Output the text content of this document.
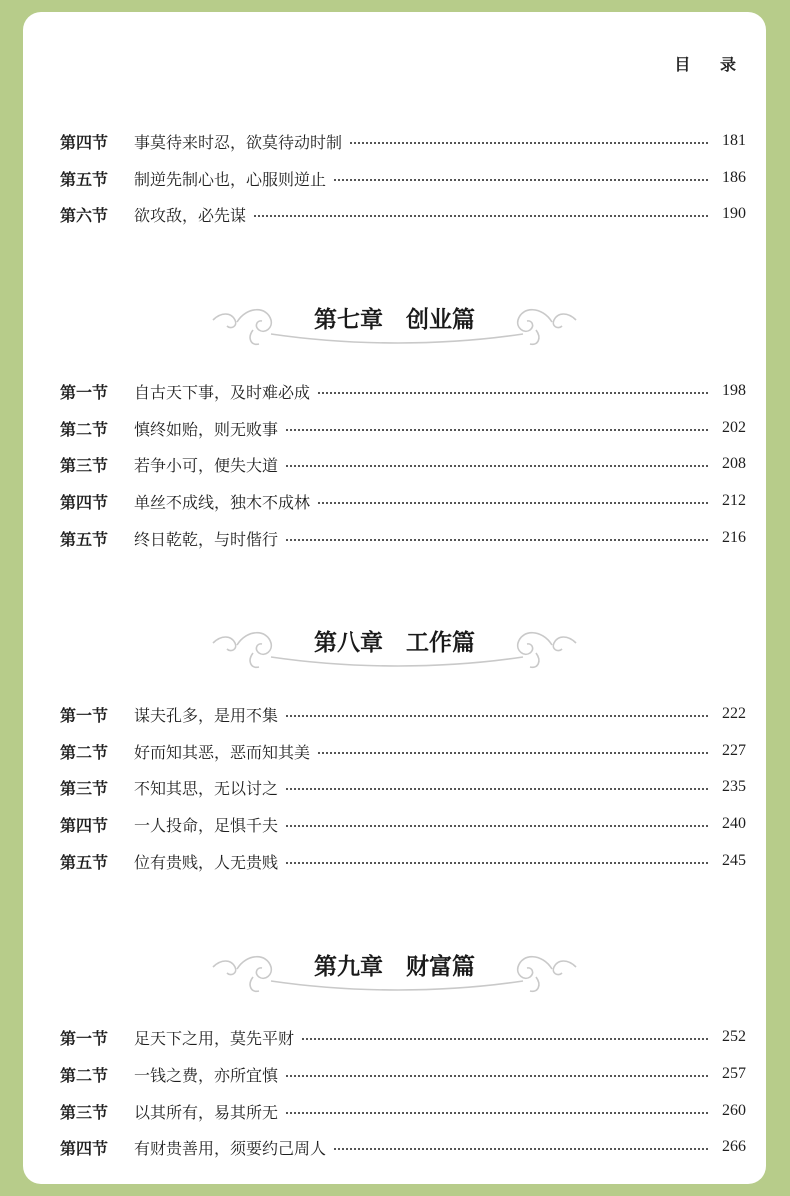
目 录
第四节	事莫待来时忍，欲莫待动时制	181
第五节	制逆先制心也，心服则逆止	186
第六节	欲攻敌，必先谋	190
第七章　创业篇
第一节	自古天下事，及时难必成	198
第二节	慎终如贻，则无败事	202
第三节	若争小可，便失大道	208
第四节	单丝不成线，独木不成林	212
第五节	终日乾乾，与时偕行	216
第八章　工作篇
第一节	谋夫孔多，是用不集	222
第二节	好而知其恶，恶而知其美	227
第三节	不知其思，无以讨之	235
第四节	一人投命，足惧千夫	240
第五节	位有贵贱，人无贵贱	245
第九章　财富篇
第一节	足天下之用，莫先平财	252
第二节	一钱之费，亦所宜慎	257
第三节	以其所有，易其所无	260
第四节	有财贵善用，须要约己周人	266
